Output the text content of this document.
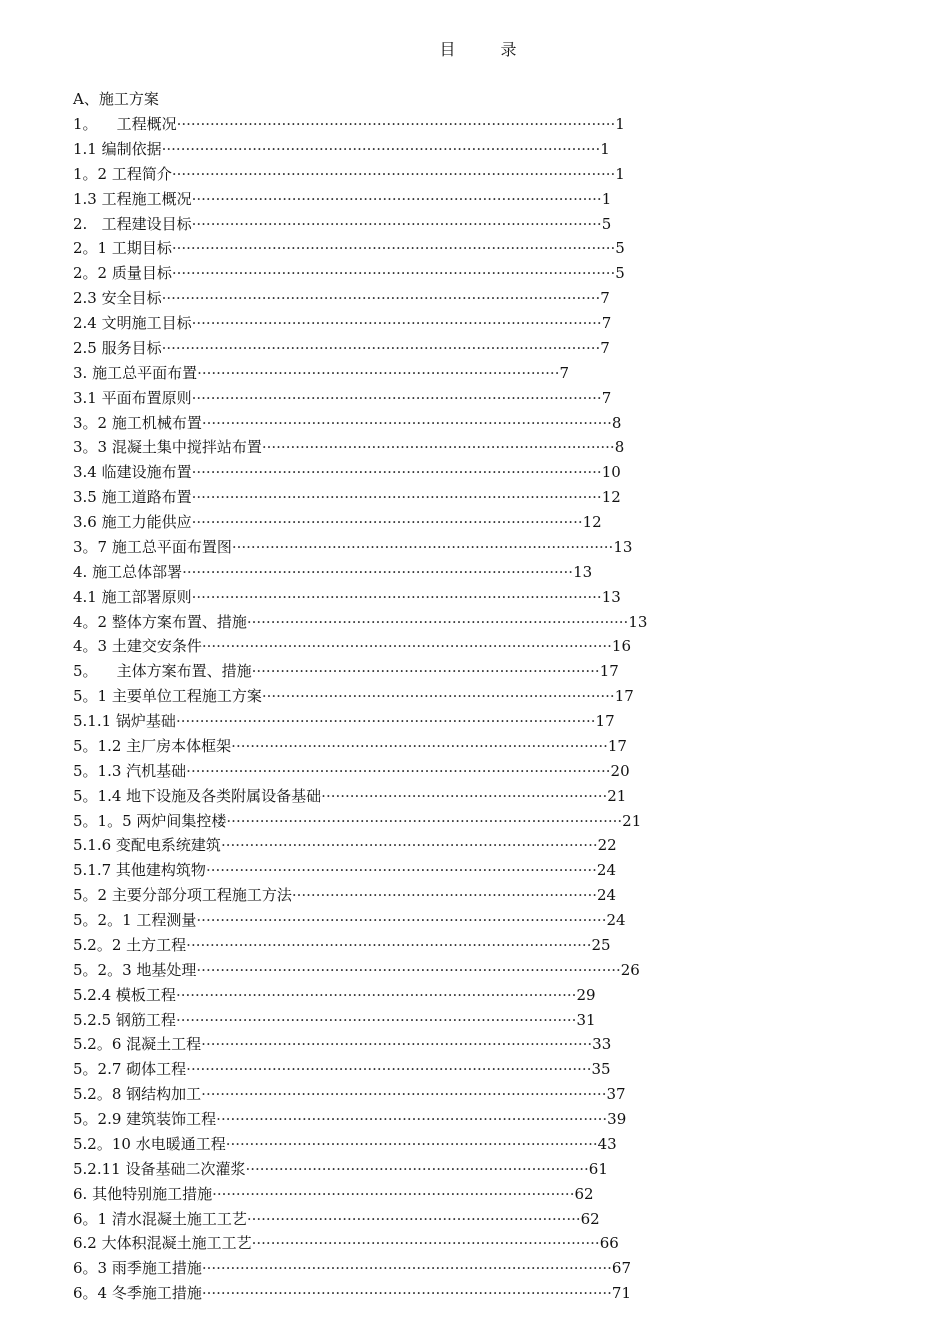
目 录
A、施工方案
1。    工程概况····························································································1
1.1 编制依据····························································································1
1。2 工程简介·····························································································1
1.3 工程施工概况······················································································1
2.   工程建设目标······················································································5
2。1 工期目标·····························································································5
2。2 质量目标·····························································································5
2.3 安全目标····························································································7
2.4 文明施工目标······················································································7
2.5 服务目标····························································································7
3. 施工总平面布置············································································7
3.1 平面布置原则······················································································7
3。2 施工机械布置······················································································8
3。3 混凝土集中搅拌站布置··········································································8
3.4 临建设施布置······················································································10
3.5 施工道路布置······················································································12
3.6 施工力能供应··················································································12
3。7 施工总平面布置图················································································13
4. 施工总体部署··················································································13
4.1 施工部署原则······················································································13
4。2 整体方案布置、措施················································································13
4。3 土建交安条件······················································································16
5。    主体方案布置、措施·········································································17
5。1 主要单位工程施工方案··········································································17
5.1.1 锅炉基础························································································17
5。1.2 主厂房本体框架···············································································17
5。1.3 汽机基础·························································································20
5。1.4 地下设施及各类附属设备基础····························································21
5。1。5 两炉间集控楼···················································································21
5.1.6 变配电系统建筑···············································································22
5.1.7 其他建构筑物··················································································24
5。2 主要分部分项工程施工方法································································24
5。2。1 工程测量······················································································24
5.2。2 土方工程·····················································································25
5。2。3 地基处理·························································································26
5.2.4 模板工程····················································································29
5.2.5 钢筋工程····················································································31
5.2。6 混凝土工程··················································································33
5。2.7 砌体工程·····················································································35
5.2。8 钢结构加工·····················································································37
5。2.9 建筑装饰工程··················································································39
5.2。10 水电暖通工程··············································································43
5.2.11 设备基础二次灌浆········································································61
6. 其他特别施工措施············································································62
6。1 清水混凝土施工工艺······································································62
6.2 大体积混凝土施工工艺·········································································66
6。3 雨季施工措施······················································································67
6。4 冬季施工措施······················································································71
